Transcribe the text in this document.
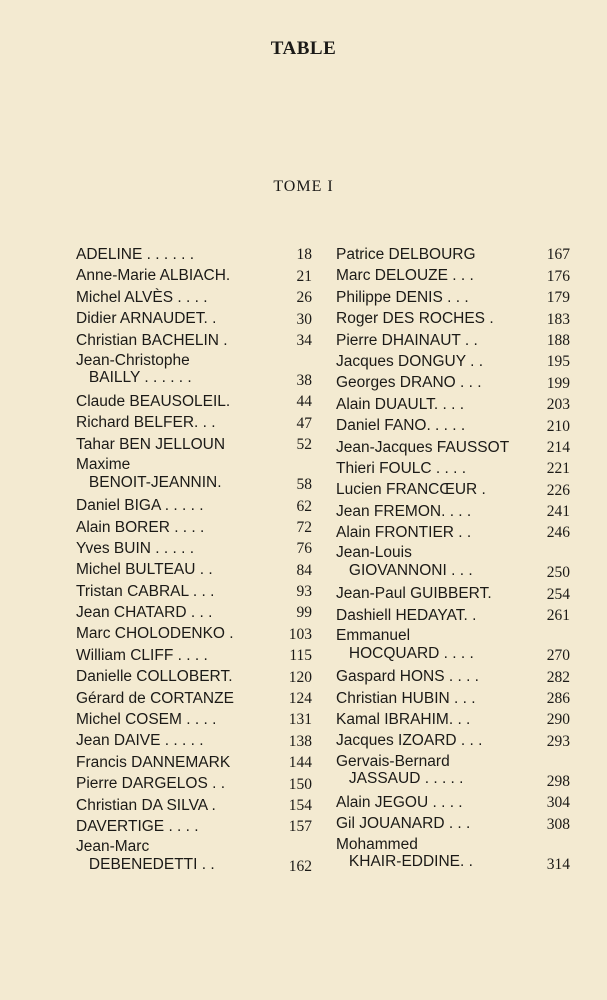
TABLE
TOME I
ADELINE . . . . . .	18
Anne-Marie ALBIACH.	21
Michel ALVÈS . . . .	26
Didier ARNAUDET. .	30
Christian BACHELIN .	34
Jean-Christophe
BAILLY . . . . . .	38
Claude BEAUSOLEIL.	44
Richard BELFER. . .	47
Tahar BEN JELLOUN	52
Maxime
BENOIT-JEANNIN.	58
Daniel BIGA . . . . .	62
Alain BORER . . . .	72
Yves BUIN . . . . .	76
Michel BULTEAU . .	84
Tristan CABRAL . . .	93
Jean CHATARD . . .	99
Marc CHOLODENKO .	103
William CLIFF . . . .	115
Danielle COLLOBERT.	120
Gérard de CORTANZE	124
Michel COSEM . . . .	131
Jean DAIVE . . . . .	138
Francis DANNEMARK	144
Pierre DARGELOS . .	150
Christian DA SILVA .	154
DAVERTIGE . . . .	157
Jean-Marc
DEBENEDETTI . .	162
Patrice DELBOURG	167
Marc DELOUZE . . .	176
Philippe DENIS . . .	179
Roger DES ROCHES .	183
Pierre DHAINAUT . .	188
Jacques DONGUY . .	195
Georges DRANO . . .	199
Alain DUAULT. . . .	203
Daniel FANO. . . . .	210
Jean-Jacques FAUSSOT 214
Thieri FOULC . . . .	221
Lucien FRANCŒUR .	226
Jean FREMON. . . .	241
Alain FRONTIER . .	246
Jean-Louis
GIOVANNONI . . .	250
Jean-Paul GUIBBERT.	254
Dashiell HEDAYAT. .	261
Emmanuel
HOCQUARD . . . .	270
Gaspard HONS . . . .	282
Christian HUBIN . . .	286
Kamal IBRAHIM. . .	290
Jacques IZOARD . . .	293
Gervais-Bernard
JASSAUD . . . . .	298
Alain JEGOU . . . .	304
Gil JOUANARD . . .	308
Mohammed
KHAIR-EDDINE. .	314
